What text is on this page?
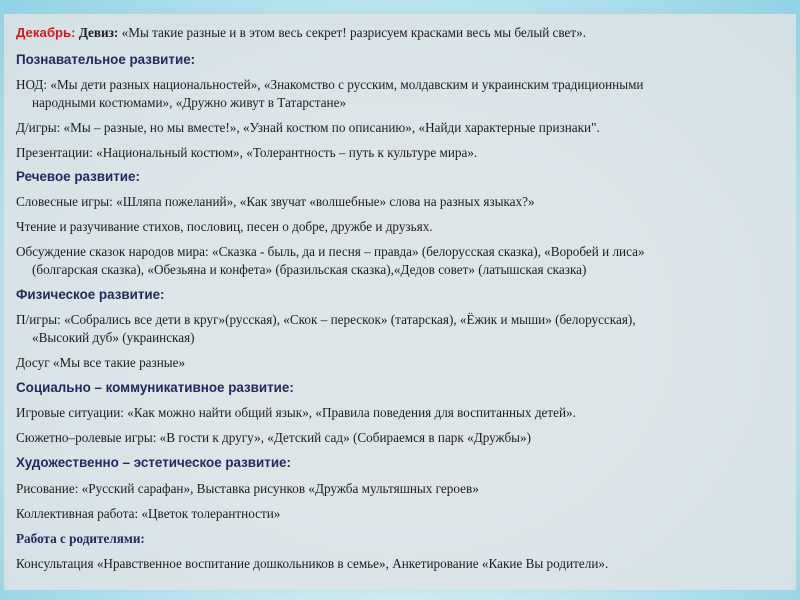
Декабрь: Девиз: «Мы такие разные и в этом весь секрет! разрисуем красками весь мы белый свет».
Познавательное развитие:
НОД: «Мы дети разных национальностей», «Знакомство с русским, молдавским и украинским традиционными
народными костюмами», «Дружно живут в Татарстане»
Д/игры: «Мы – разные, но мы вместе!», «Узнай костюм по описанию», «Найди характерные признаки".
Презентации: «Национальный костюм», «Толерантность – путь к культуре мира».
Речевое развитие:
Словесные игры: «Шляпа пожеланий», «Как звучат «волшебные» слова на разных языках?»
Чтение и разучивание стихов, пословиц, песен о добре, дружбе и друзьях.
Обсуждение сказок народов мира: «Сказка - быль, да и песня – правда» (белорусская сказка), «Воробей и лиса»
(болгарская сказка), «Обезьяна и конфета» (бразильская сказка),«Дедов совет» (латышская сказка)
Физическое развитие:
П/игры: «Собрались все дети в круг»(русская), «Скок – перескок» (татарская), «Ёжик и мыши» (белорусская),
«Высокий дуб» (украинская)
Досуг «Мы все такие разные»
Социально – коммуникативное развитие:
Игровые ситуации: «Как можно найти общий язык», «Правила поведения для воспитанных детей».
Сюжетно–ролевые игры: «В гости к другу», «Детский сад» (Собираемся в парк «Дружбы»)
Художественно – эстетическое развитие:
Рисование: «Русский сарафан», Выставка рисунков «Дружба мультяшных героев»
Коллективная работа: «Цветок толерантности»
Работа с родителями:
Консультация «Нравственное воспитание дошкольников в семье», Анкетирование «Какие Вы родители».
